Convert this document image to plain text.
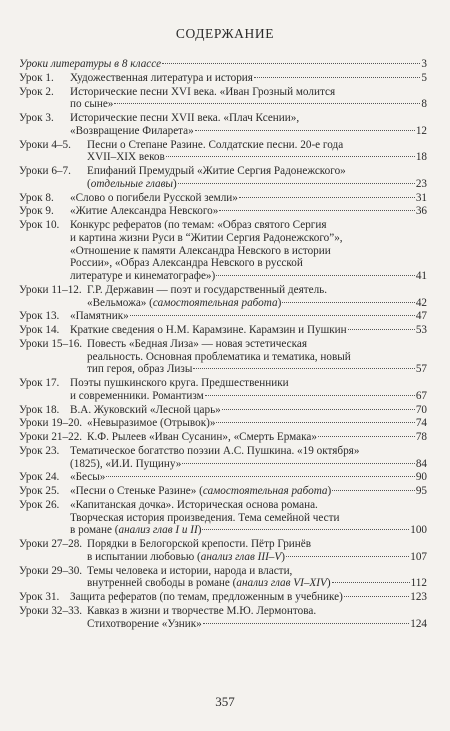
СОДЕРЖАНИЕ
Уроки литературы в 8 классе	3
Урок 1.	Художественная литература и история	5
Урок 2.	Исторические песни XVI века. «Иван Грозный молится
по сыне»	8
Урок 3.	Исторические песни XVII века. «Плач Ксении»,
«Возвращение Филарета»	12
Уроки 4–5.	Песни о Степане Разине. Солдатские песни. 20-е года
XVII–XIX веков	18
Уроки 6–7.	Епифаний Премудрый «Житие Сергия Радонежского»
(отдельные главы)	23
Урок 8.	«Слово о погибели Русской земли»	31
Урок 9.	«Житие Александра Невского»	36
Урок 10. Конкурс рефератов (по темам: «Образ святого Сергия
и картина жизни Руси в “Житии Сергия Радонежского”»,
«Отношение к памяти Александра Невского в истории
России», «Образ Александра Невского в русской
литературе и кинематографе»)	41
Уроки 11–12. Г.Р. Державин — поэт и государственный деятель.
«Вельможа» (самостоятельная работа)	42
Урок 13. «Памятник»	47
Урок 14. Краткие сведения о Н.М. Карамзине. Карамзин и Пушкин	53
Уроки 15–16. Повесть «Бедная Лиза» — новая эстетическая
реальность. Основная проблематика и тематика, новый
тип героя, образ Лизы	57
Урок 17. Поэты пушкинского круга. Предшественники
и современники. Романтизм	67
Урок 18. В.А. Жуковский «Лесной царь»	70
Уроки 19–20. «Невыразимое (Отрывок)»	74
Уроки 21–22. К.Ф. Рылеев «Иван Сусанин», «Смерть Ермака»	78
Урок 23. Тематическое богатство поэзии А.С. Пушкина. «19 октября»
(1825), «И.И. Пущину»	84
Урок 24. «Бесы»	90
Урок 25. «Песни о Стеньке Разине» (самостоятельная работа)	95
Урок 26. «Капитанская дочка». Историческая основа романа.
Творческая история произведения. Тема семейной чести
в романе (анализ глав I и II)	100
Уроки 27–28. Порядки в Белогорской крепости. Пётр Гринёв
в испытании любовью (анализ глав III–V)	107
Уроки 29–30. Темы человека и истории, народа и власти,
внутренней свободы в романе (анализ глав VI–XIV)	112
Урок 31. Защита рефератов (по темам, предложенным в учебнике)	123
Уроки 32–33. Кавказ в жизни и творчестве М.Ю. Лермонтова.
Стихотворение «Узник»	124
357
